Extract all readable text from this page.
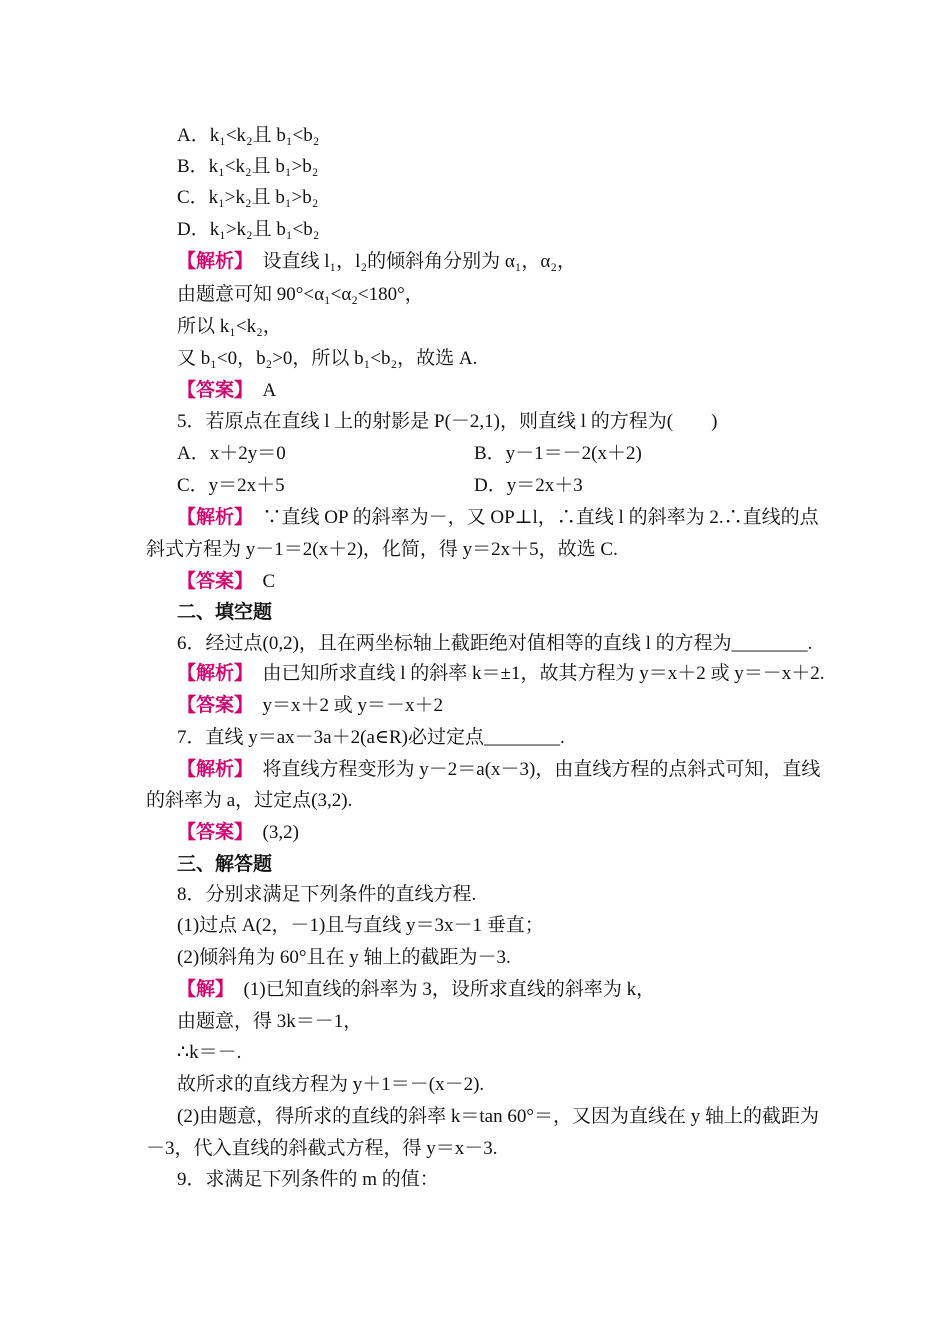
A．k₁<k₂且 b₁<b₂
B．k₁<k₂且 b₁>b₂
C．k₁>k₂且 b₁>b₂
D．k₁>k₂且 b₁<b₂
【解析】　 设直线 l₁，l₂的倾斜角分别为 α₁，α₂，
由题意可知 90°<α₁<α₂<180°，
所以 k₁<k₂，
又 b₁<0，b₂>0，所以 b₁<b₂，故选 A.
【答案】　 A
5．若原点在直线 l 上的射影是 P(－2,1)，则直线 l 的方程为(　　)
A．x＋2y＝0	B．y－1＝－2(x＋2)
C．y＝2x＋5	D．y＝2x＋3
【解析】　 ∵直线 OP 的斜率为－，又 OP⊥l，∴直线 l 的斜率为 2.∴直线的点
斜式方程为 y－1＝2(x＋2)，化简，得 y＝2x＋5，故选 C.
【答案】　 C
二、填空题
6．经过点(0,2)，且在两坐标轴上截距绝对值相等的直线 l 的方程为________.
【解析】　 由已知所求直线 l 的斜率 k＝±1，故其方程为 y＝x＋2 或 y＝－x＋2.
【答案】　 y＝x＋2 或 y＝－x＋2
7．直线 y＝ax－3a＋2(a∈R)必过定点________.
【解析】　 将直线方程变形为 y－2＝a(x－3)，由直线方程的点斜式可知，直线
的斜率为 a，过定点(3,2).
【答案】　 (3,2)
三、解答题
8．分别求满足下列条件的直线方程.
(1)过点 A(2，－1)且与直线 y＝3x－1 垂直；
(2)倾斜角为 60°且在 y 轴上的截距为－3.
【解】　 (1)已知直线的斜率为 3，设所求直线的斜率为 k，
由题意，得 3k＝－1，
∴k＝－.
故所求的直线方程为 y＋1＝－(x－2).
(2)由题意，得所求的直线的斜率 k＝tan 60°＝，又因为直线在 y 轴上的截距为
－3，代入直线的斜截式方程，得 y＝x－3.
9．求满足下列条件的 m 的值：
